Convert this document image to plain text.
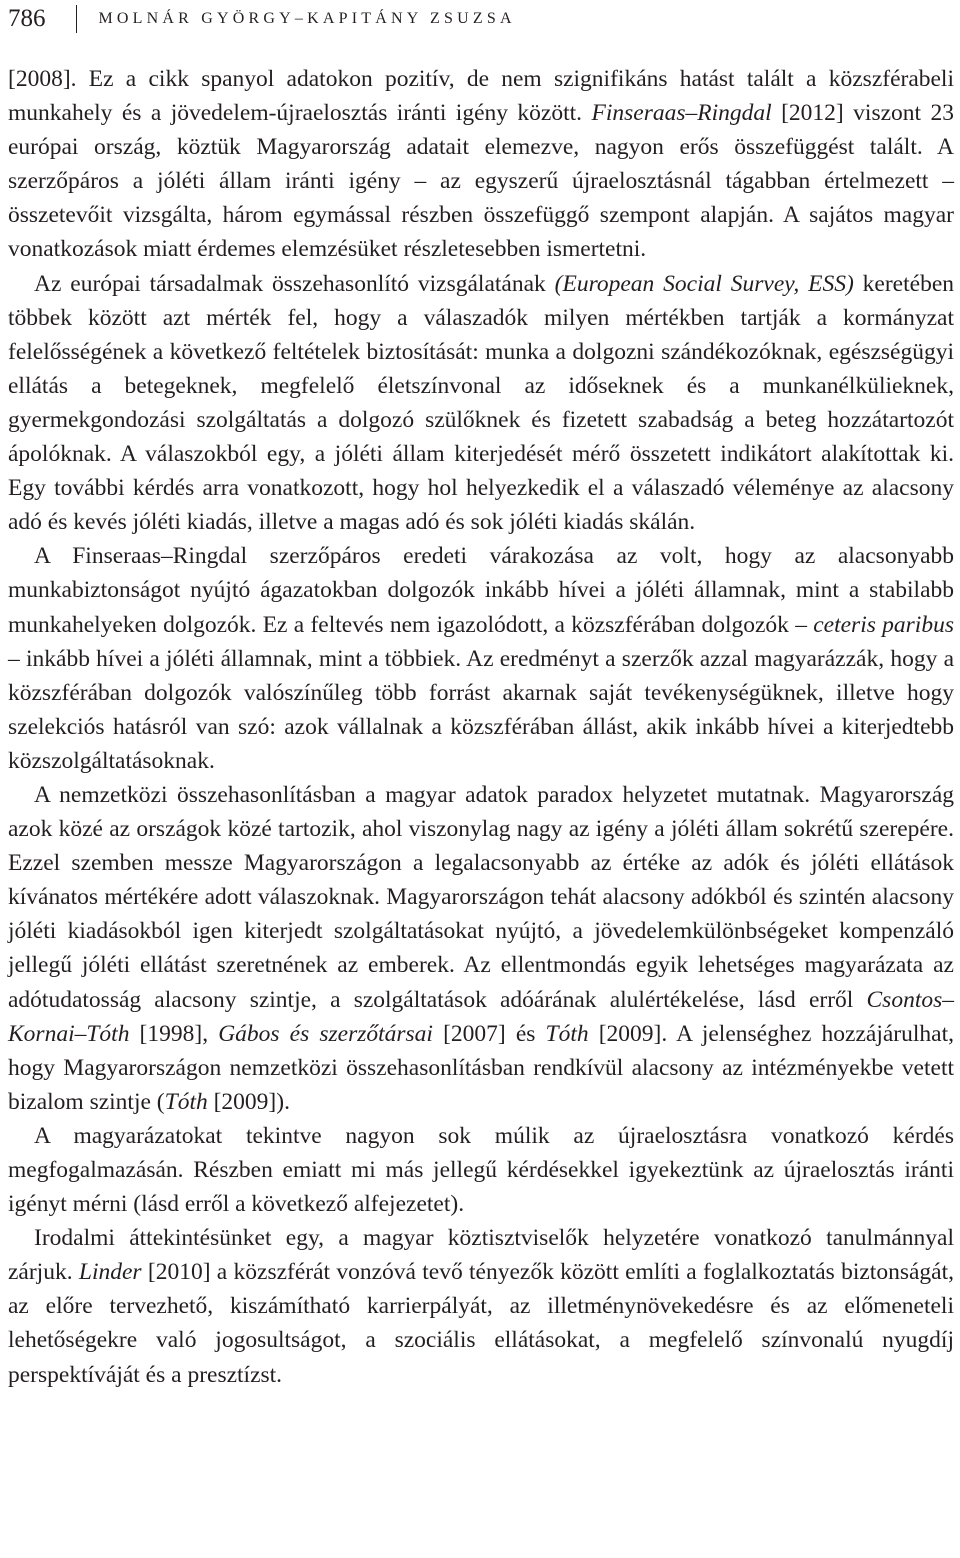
786	MOLNÁR GYÖRGY–KAPITÁNY ZSUZSA

[2008]. Ez a cikk spanyol adatokon pozitív, de nem szignifikáns hatást talált a közszférabeli munkahely és a jövedelem-újraelosztás iránti igény között. Finseraas–Ringdal [2012] viszont 23 európai ország, köztük Magyarország adatait elemezve, nagyon erős összefüggést talált. A szerzőpáros a jóléti állam iránti igény – az egyszerű újraelosztásnál tágabban értelmezett – összetevőit vizsgálta, három egymással részben összefüggő szempont alapján. A sajátos magyar vonatkozások miatt érdemes elemzésüket részletesebben ismertetni.

Az európai társadalmak összehasonlító vizsgálatának (European Social Survey, ESS) keretében többek között azt mérték fel, hogy a válaszadók milyen mértékben tartják a kormányzat felelősségének a következő feltételek biztosítását: munka a dolgozni szándékozóknak, egészségügyi ellátás a betegeknek, megfelelő életszínvonal az időseknek és a munkanélkülieknek, gyermekgondozási szolgáltatás a dolgozó szülőknek és fizetett szabadság a beteg hozzátartozót ápolóknak. A válaszokból egy, a jóléti állam kiterjedését mérő összetett indikátort alakítottak ki. Egy további kérdés arra vonatkozott, hogy hol helyezkedik el a válaszadó véleménye az alacsony adó és kevés jóléti kiadás, illetve a magas adó és sok jóléti kiadás skálán.

A Finseraas–Ringdal szerzőpáros eredeti várakozása az volt, hogy az alacsonyabb munkabiztonságot nyújtó ágazatokban dolgozók inkább hívei a jóléti államnak, mint a stabilabb munkahelyeken dolgozók. Ez a feltevés nem igazolódott, a közszférában dolgozók – ceteris paribus – inkább hívei a jóléti államnak, mint a többiek. Az eredményt a szerzők azzal magyarázzák, hogy a közszférában dolgozók valószínűleg több forrást akarnak saját tevékenységüknek, illetve hogy szelekciós hatásról van szó: azok vállalnak a közszférában állást, akik inkább hívei a kiterjedtebb közszolgáltatásoknak.

A nemzetközi összehasonlításban a magyar adatok paradox helyzetet mutatnak. Magyarország azok közé az országok közé tartozik, ahol viszonylag nagy az igény a jóléti állam sokrétű szerepére. Ezzel szemben messze Magyarországon a legalacsonyabb az értéke az adók és jóléti ellátások kívánatos mértékére adott válaszoknak. Magyarországon tehát alacsony adókból és szintén alacsony jóléti kiadásokból igen kiterjedt szolgáltatásokat nyújtó, a jövedelemkülönbségeket kompenzáló jellegű jóléti ellátást szeretnének az emberek. Az ellentmondás egyik lehetséges magyarázata az adótudatosság alacsony szintje, a szolgáltatások adóárának alulértékelése, lásd erről Csontos–Kornai–Tóth [1998], Gábos és szerzőtársai [2007] és Tóth [2009]. A jelenséghez hozzájárulhat, hogy Magyarországon nemzetközi összehasonlításban rendkívül alacsony az intézményekbe vetett bizalom szintje (Tóth [2009]).

A magyarázatokat tekintve nagyon sok múlik az újraelosztásra vonatkozó kérdés megfogalmazásán. Részben emiatt mi más jellegű kérdésekkel igyekeztünk az újraelosztás iránti igényt mérni (lásd erről a következő alfejezetet).

Irodalmi áttekintésünket egy, a magyar köztisztviselők helyzetére vonatkozó tanulmánnyal zárjuk. Linder [2010] a közszférát vonzóvá tevő tényezők között említi a foglalkoztatás biztonságát, az előre tervezhető, kiszámítható karrierpályát, az illetménynövekedésre és az előmeneteli lehetőségekre való jogosultságot, a szociális ellátásokat, a megfelelő színvonalú nyugdíj perspektíváját és a presztízst.
